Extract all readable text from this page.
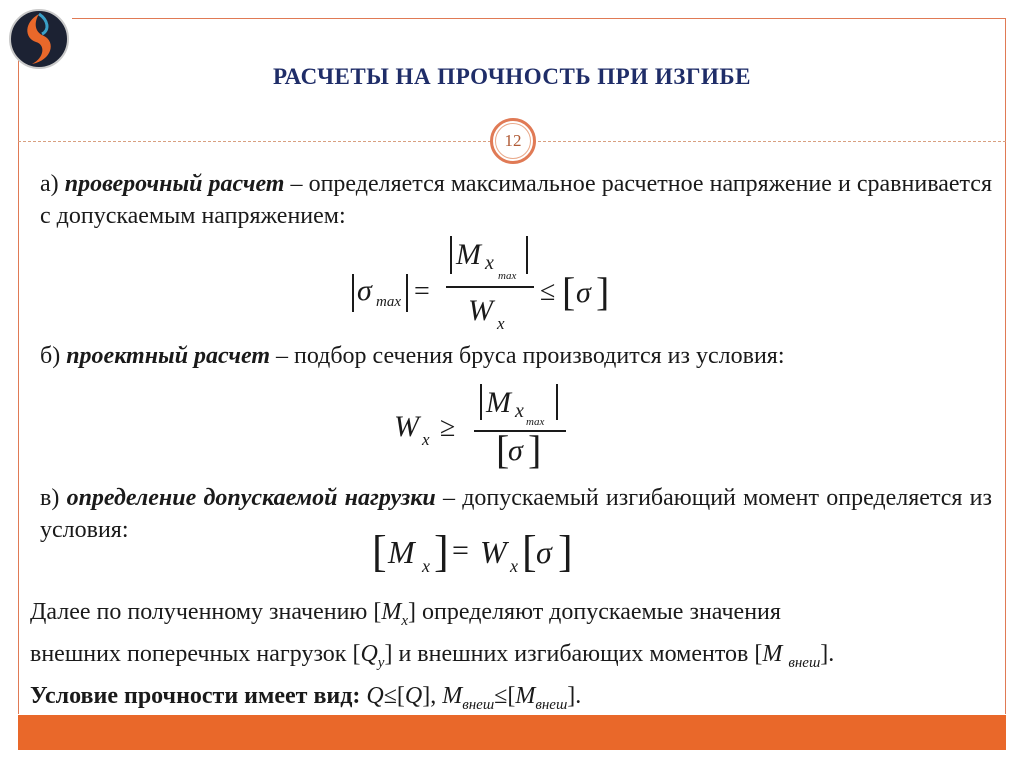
РАСЧЕТЫ НА ПРОЧНОСТЬ ПРИ ИЗГИБЕ
12
а) проверочный расчет – определяется максимальное расчетное напряжение и сравнивается с допускаемым напряжением:
σ max =
M x
max
W x
≤ [ σ ]
б) проектный расчет – подбор сечения бруса производится из условия:
W x ≥
M x max
[
σ ]
в) определение допускаемой нагрузки – допускаемый изгибающий момент определяется из условия:	[ M x ] = W x [ σ ]
Далее по полученному значению $[M_x]$ определяют допускаемые значения
внешних поперечных нагрузок $[Q_y]$ и внешних изгибающих моментов [M $_{внеш}$].
Условие прочности имеет вид: Q≤[Q], $M_{внеш}\le[M_{внеш}]$.
